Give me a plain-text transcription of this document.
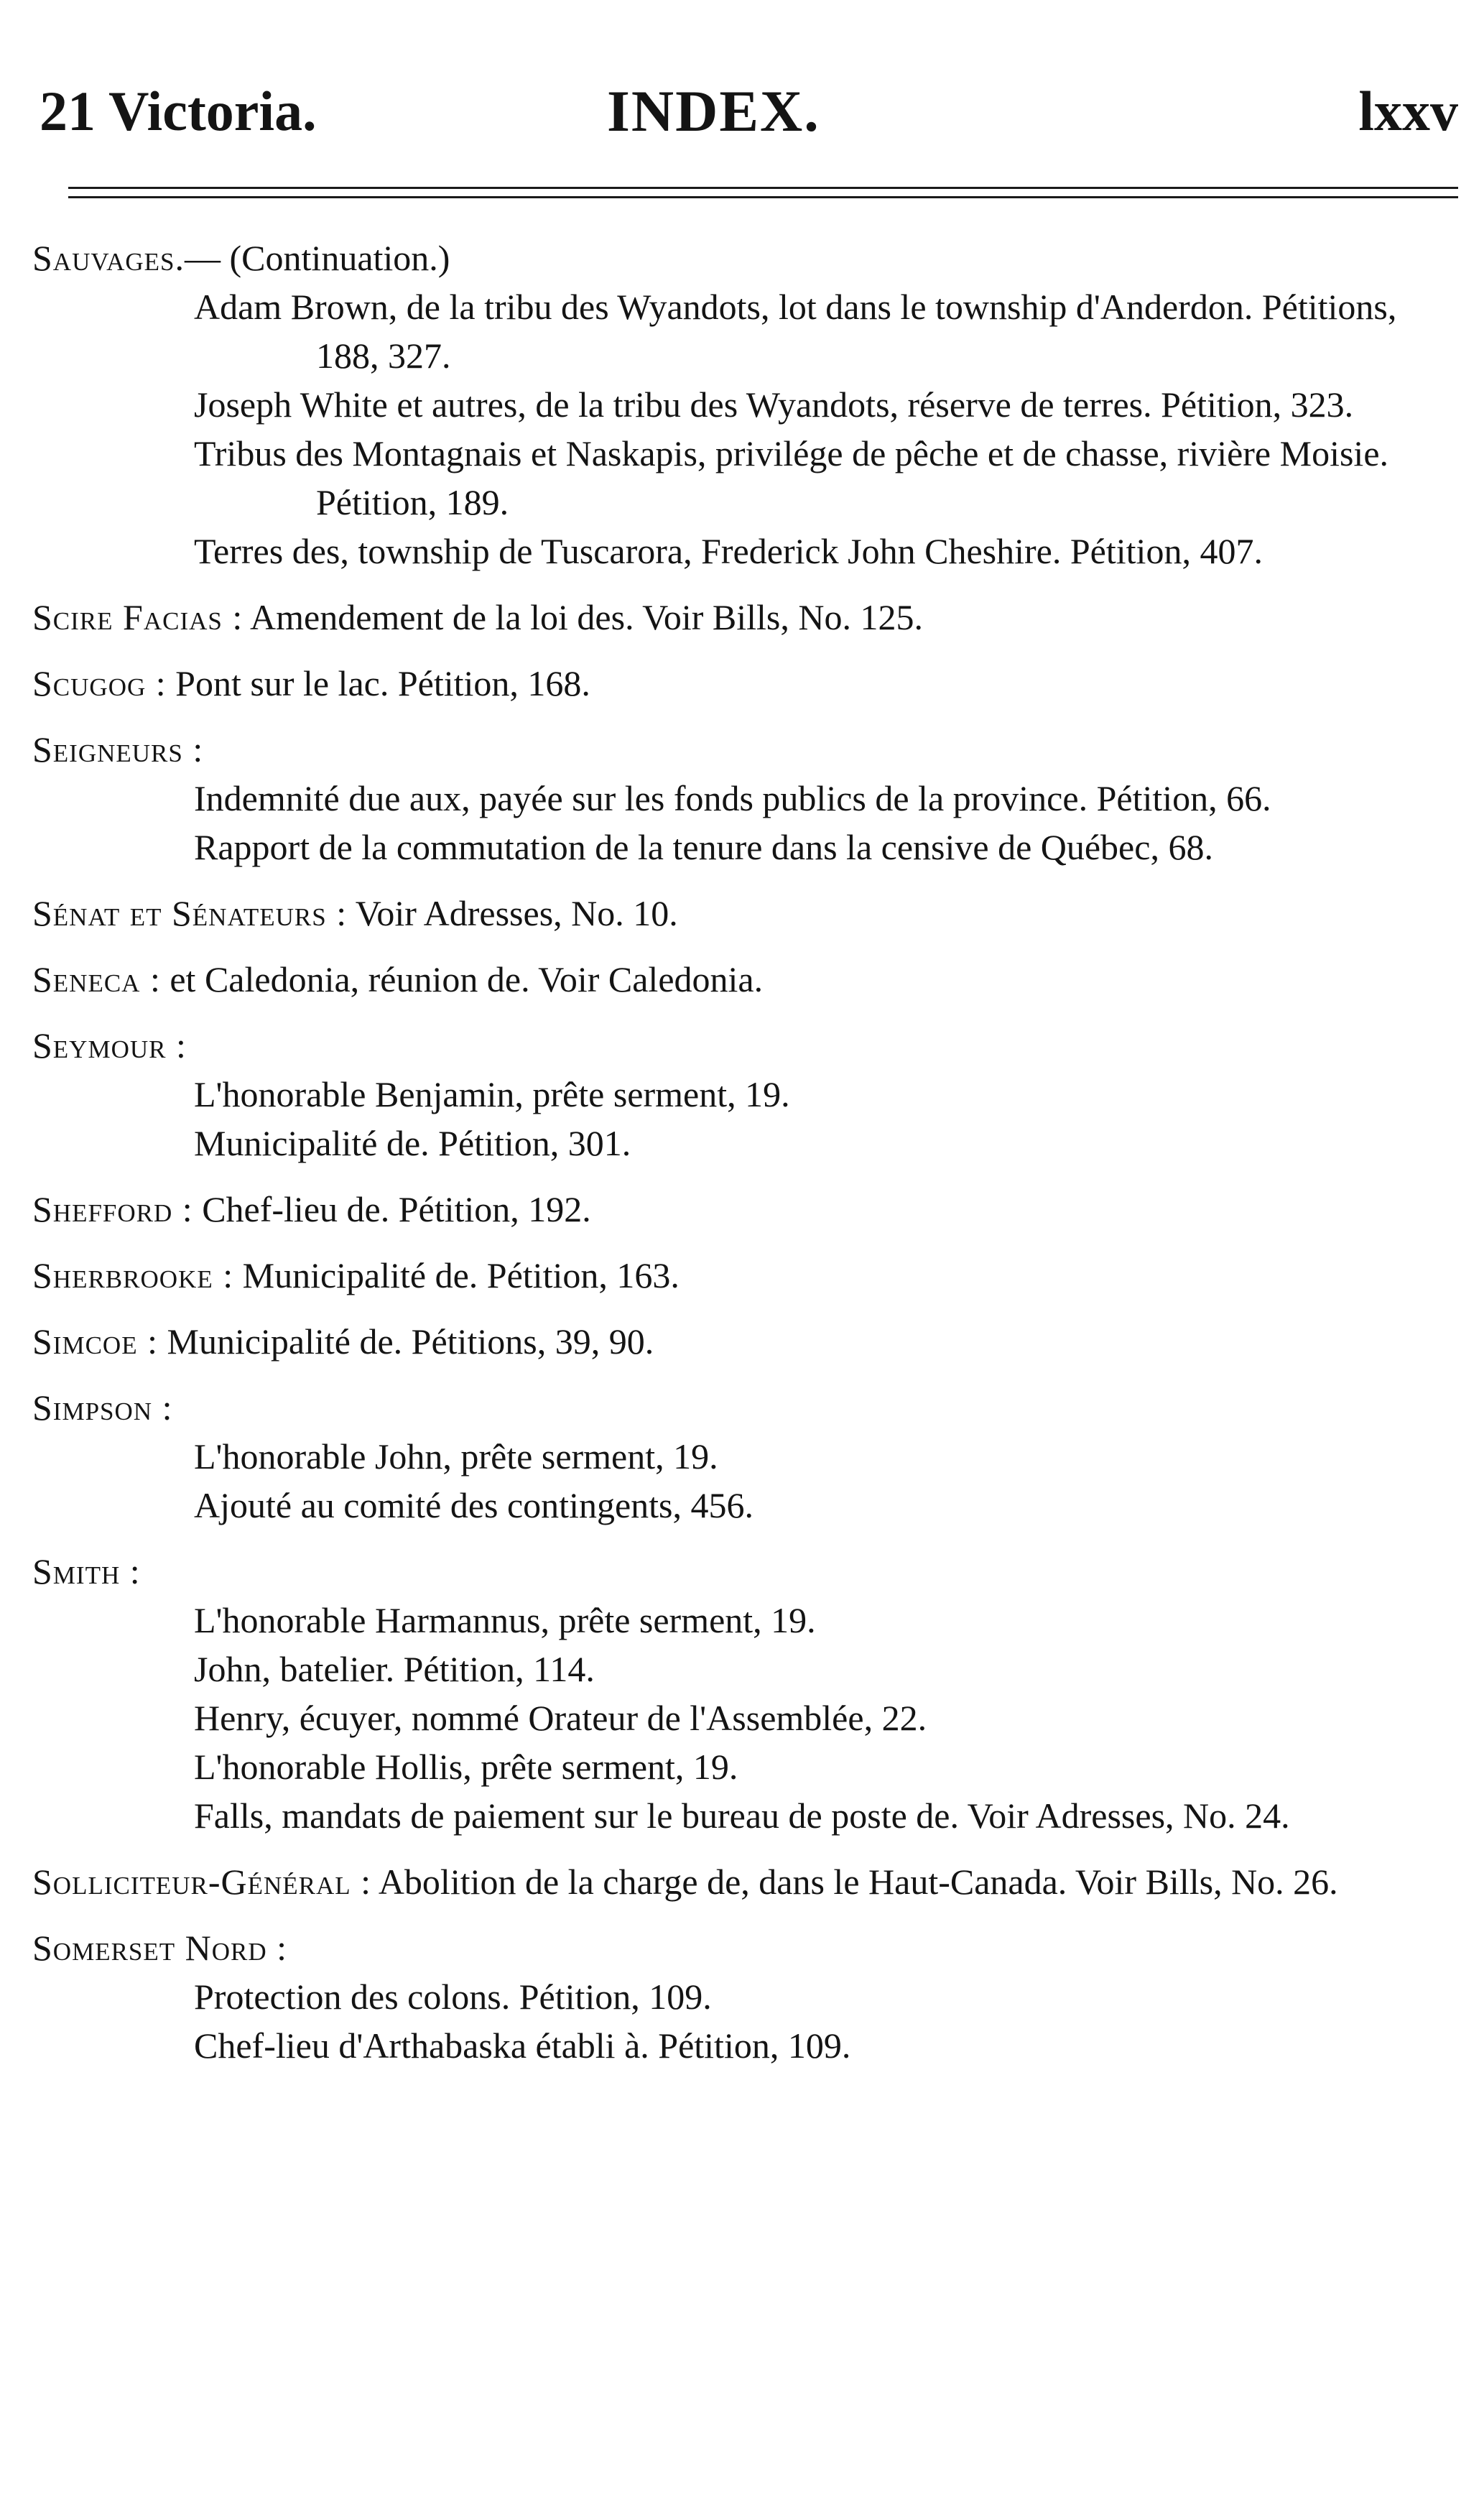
21 Victoria.	INDEX.	lxxv
Sauvages.— (Continuation.)
Adam Brown, de la tribu des Wyandots, lot dans le township d'Anderdon. Pétitions, 188, 327.
Joseph White et autres, de la tribu des Wyandots, réserve de terres. Pétition, 323.
Tribus des Montagnais et Naskapis, privilége de pêche et de chasse, rivière Moisie. Pétition, 189.
Terres des, township de Tuscarora, Frederick John Cheshire. Pétition, 407.
Scire Facias : Amendement de la loi des. Voir Bills, No. 125.
Scugog : Pont sur le lac. Pétition, 168.
Seigneurs :
Indemnité due aux, payée sur les fonds publics de la province. Pétition, 66.
Rapport de la commutation de la tenure dans la censive de Québec, 68.
Sénat et Sénateurs : Voir Adresses, No. 10.
Seneca : et Caledonia, réunion de. Voir Caledonia.
Seymour :
L'honorable Benjamin, prête serment, 19.
Municipalité de. Pétition, 301.
Shefford : Chef-lieu de. Pétition, 192.
Sherbrooke : Municipalité de. Pétition, 163.
Simcoe : Municipalité de. Pétitions, 39, 90.
Simpson :
L'honorable John, prête serment, 19.
Ajouté au comité des contingents, 456.
Smith :
L'honorable Harmannus, prête serment, 19.
John, batelier. Pétition, 114.
Henry, écuyer, nommé Orateur de l'Assemblée, 22.
L'honorable Hollis, prête serment, 19.
Falls, mandats de paiement sur le bureau de poste de. Voir Adresses, No. 24.
Solliciteur-Général : Abolition de la charge de, dans le Haut-Canada. Voir Bills, No. 26.
Somerset Nord :
Protection des colons. Pétition, 109.
Chef-lieu d'Arthabaska établi à. Pétition, 109.
